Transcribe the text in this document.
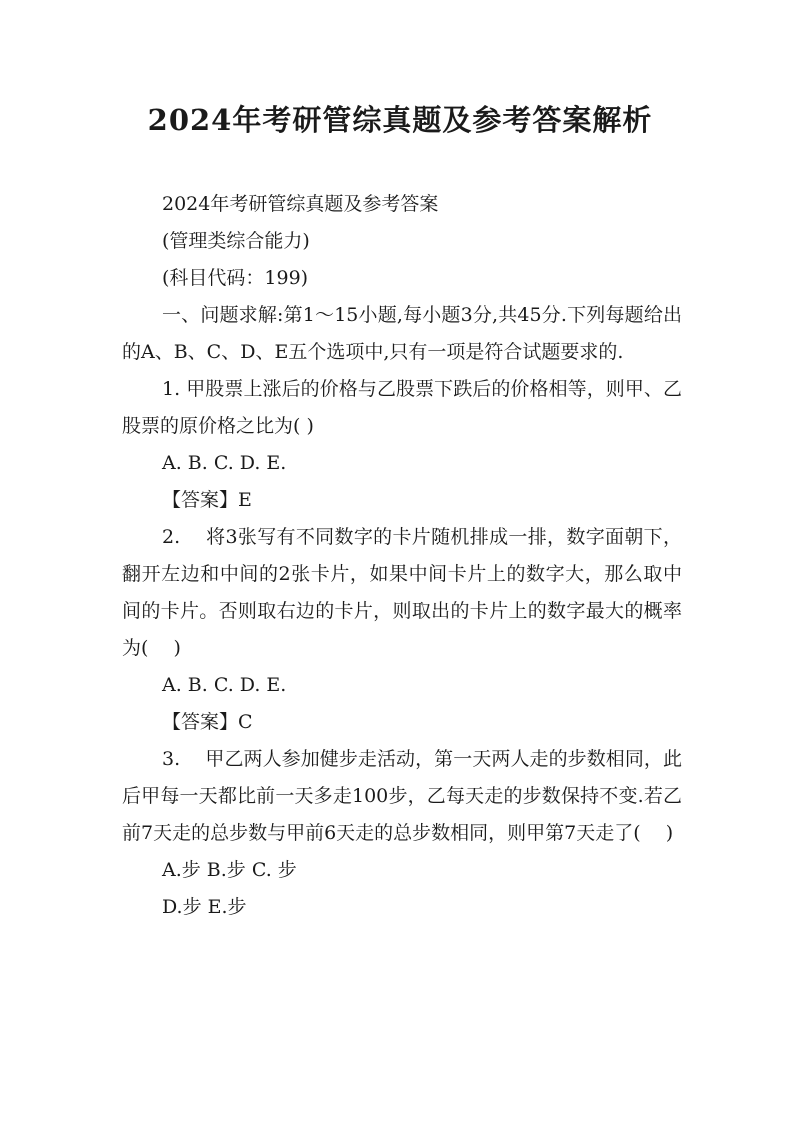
2024年考研管综真题及参考答案解析
2024年考研管综真题及参考答案
(管理类综合能力)
(科目代码：199)
一、问题求解:第1～15小题,每小题3分,共45分.下列每题给出的A、B、C、D、E五个选项中,只有一项是符合试题要求的.
1. 甲股票上涨后的价格与乙股票下跌后的价格相等，则甲、乙股票的原价格之比为( )
A. B. C. D. E.
【答案】E
2.　 将3张写有不同数字的卡片随机排成一排，数字面朝下，翻开左边和中间的2张卡片，如果中间卡片上的数字大，那么取中间的卡片。否则取右边的卡片，则取出的卡片上的数字最大的概率为(　 )
A. B. C. D. E.
【答案】C
3.　 甲乙两人参加健步走活动，第一天两人走的步数相同，此后甲每一天都比前一天多走100步，乙每天走的步数保持不变.若乙前7天走的总步数与甲前6天走的总步数相同，则甲第7天走了(　 )
A.步 B.步 C. 步
D.步 E.步
